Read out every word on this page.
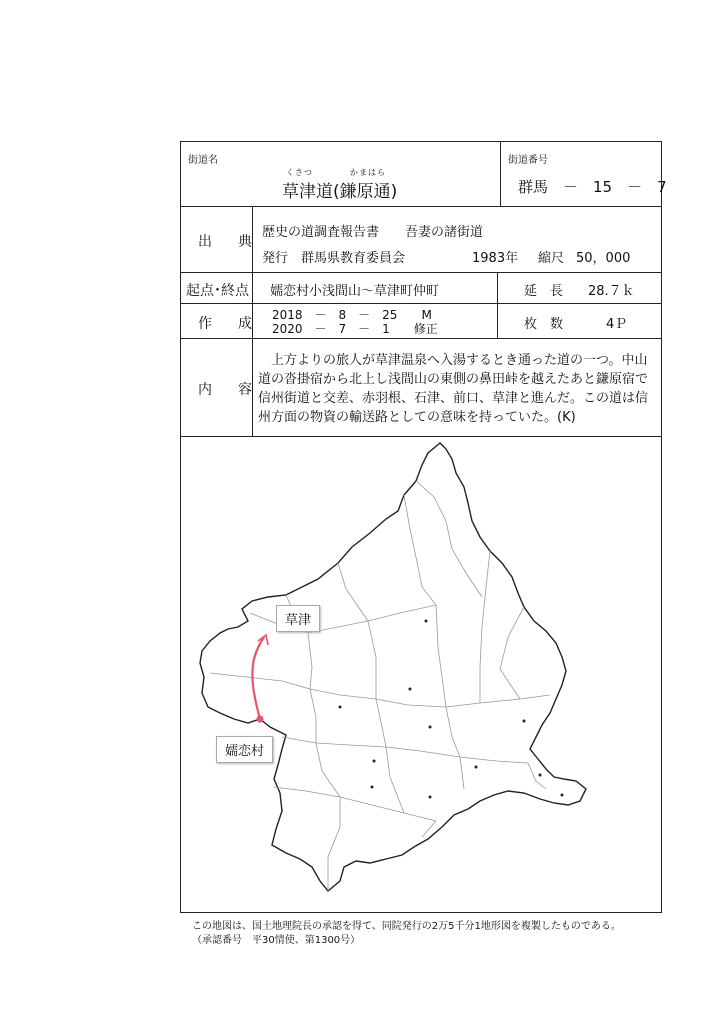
街道名	街道番号
くさつ	かまはら
草津道(鎌原通)	群馬　－　15　－　7
出　典
歴史の道調査報告書　　吾妻の諸街道
発行　群馬県教育委員会	1983年 縮尺 50，000
起点･終点 嬬恋村小浅間山～草津町仲町	延　長 28.７ｋ
作　成
2018　－　8　－　25　　M
2020　－　7　－　1　　修正	枚　数	4Ｐ
内　容
上方よりの旅人が草津温泉へ入湯するとき通った道の一つ。中山道の沓掛宿から北上し浅間山の東側の鼻田峠を越えたあと鎌原宿で信州街道と交差、赤羽根、石津、前口、草津と進んだ。この道は信州方面の物資の輸送路としての意味を持っていた。(K)
草津
嬬恋村
この地図は、国土地理院長の承認を得て、同院発行の2万5千分1地形図を複製したものである。
（承認番号　平30情使、第1300号）
